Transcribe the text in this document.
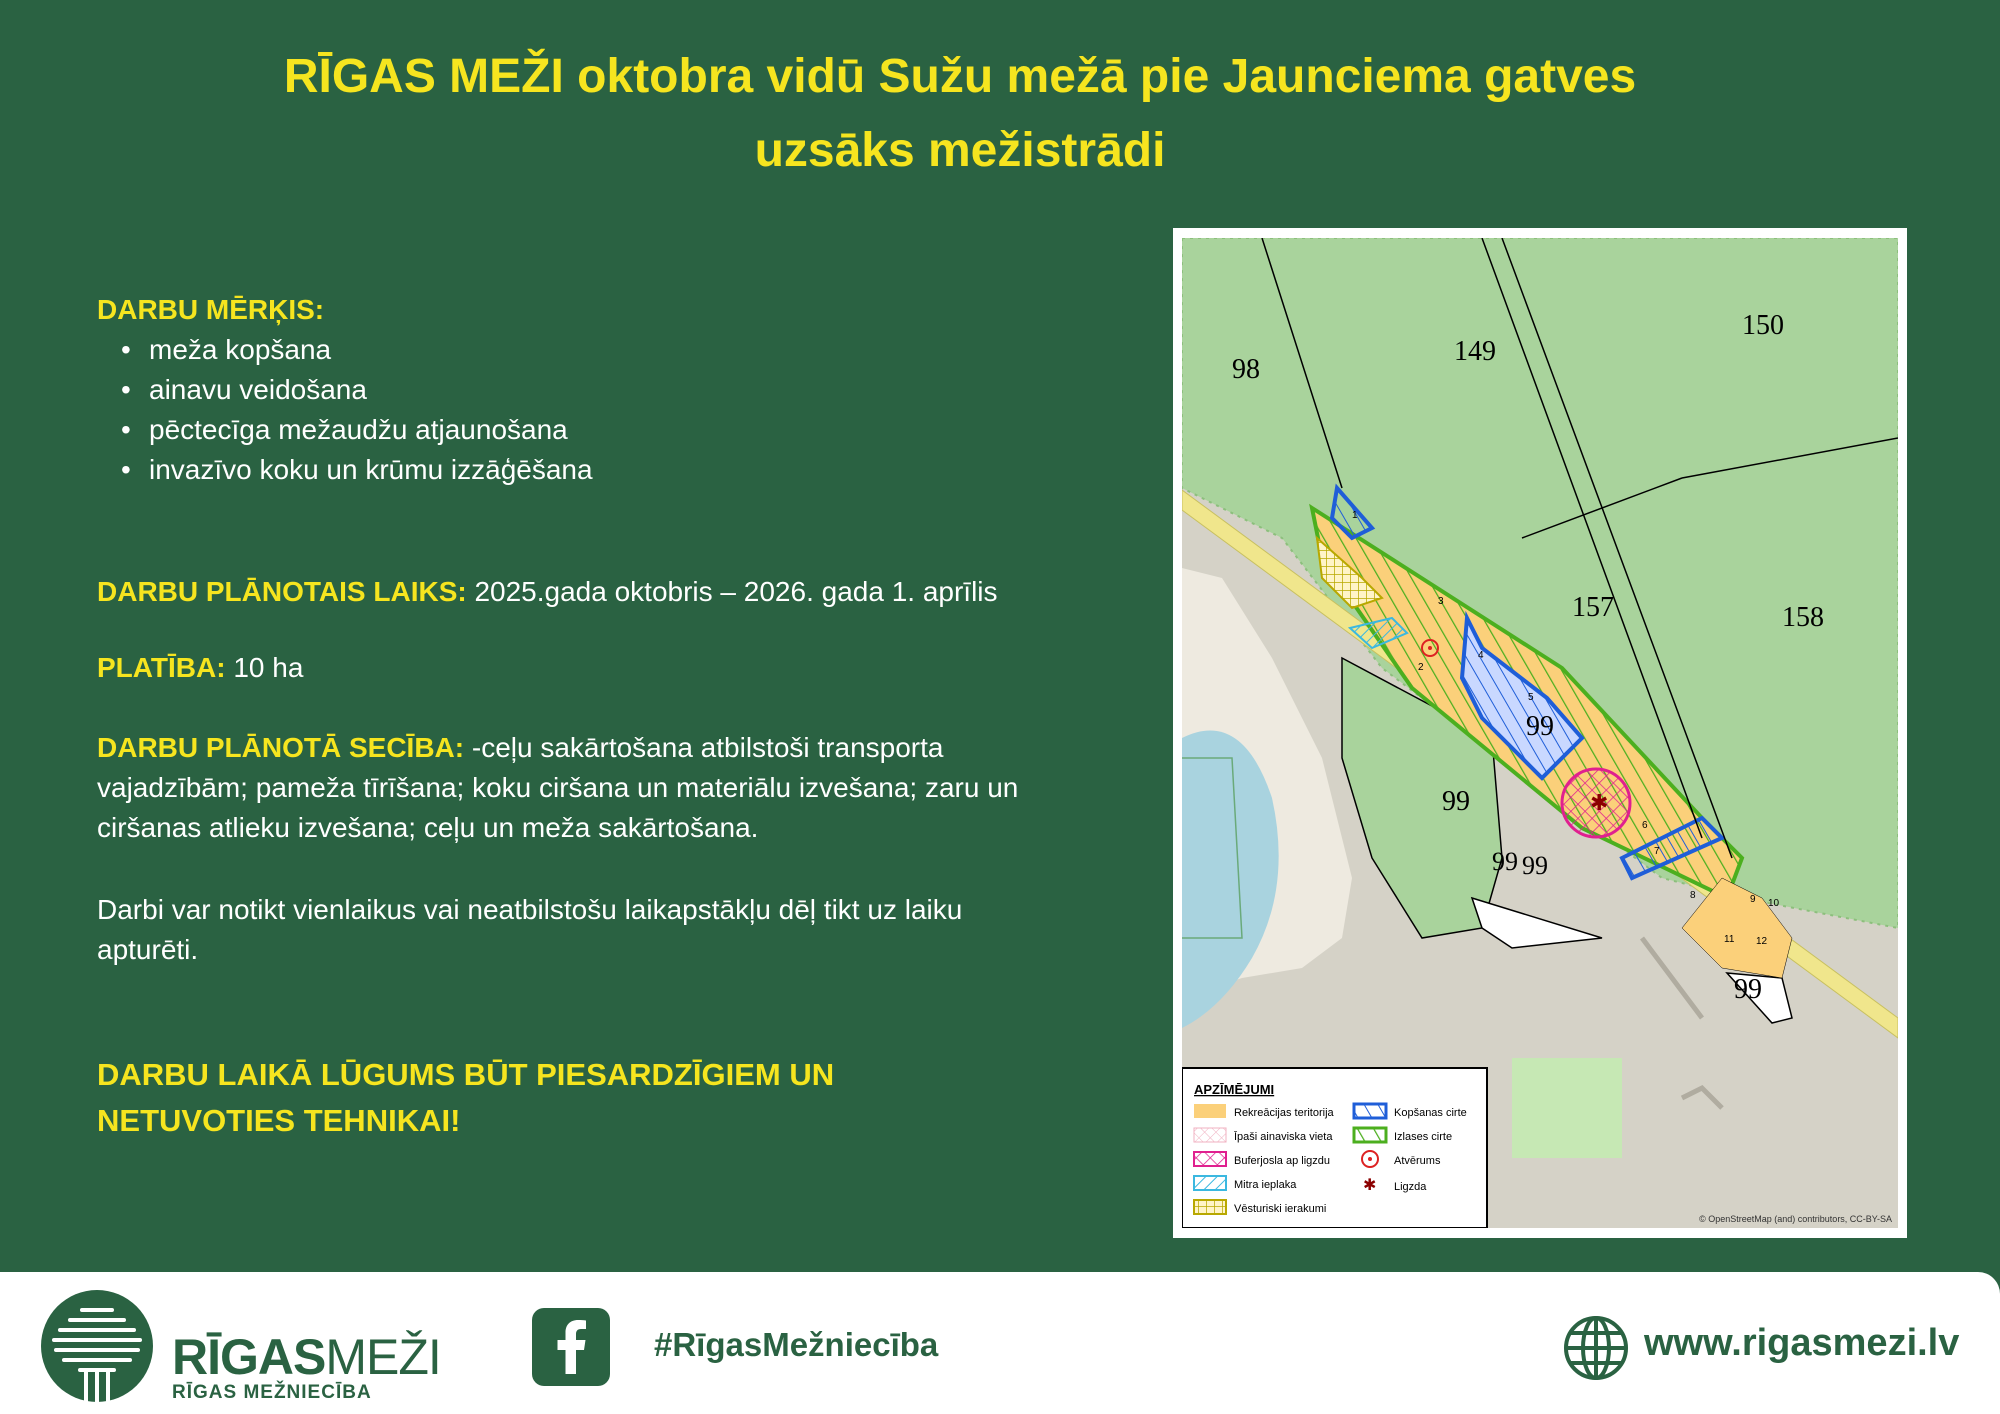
RĪGAS MEŽI oktobra vidū Sužu mežā pie Jaunciema gatves
uzsāks mežistrādi
DARBU MĒRĶIS:
• meža kopšana
• ainavu veidošana
• pēctecīga mežaudžu atjaunošana
• invazīvo koku un krūmu izzāģēšana
DARBU PLĀNOTAIS LAIKS: 2025.gada oktobris – 2026. gada 1. aprīlis
PLATĪBA: 10 ha
DARBU PLĀNOTĀ SECĪBA: -ceļu sakārtošana atbilstoši transporta vajadzībām; pameža tīrīšana; koku ciršana un materiālu izvešana; zaru un ciršanas atlieku izvešana; ceļu un meža sakārtošana.
Darbi var notikt vienlaikus vai neatbilstošu laikapstākļu dēļ tikt uz laiku apturēti.
DARBU LAIKĀ LŪGUMS BŪT PIESARDZĪGIEM UN
NETUVOTIES TEHNIKAI!
✱
98
149
150
157	158
99
99
99 99
99
1
2
3
4
5
6
7
8	9 10
11 12
APZĪMĒJUMI
Rekreācijas teritorija
Īpaši ainaviska vieta
Buferjosla ap ligzdu
Mitra ieplaka
Vēsturiski ierakumi
Kopšanas cirte
Izlases cirte
Atvērums
✱ Ligzda
© OpenStreetMap (and) contributors, CC-BY-SA
RĪGASMEŽI
RĪGAS MEŽNIECĪBA
#RīgasMežniecība	www.rigasmezi.lv
